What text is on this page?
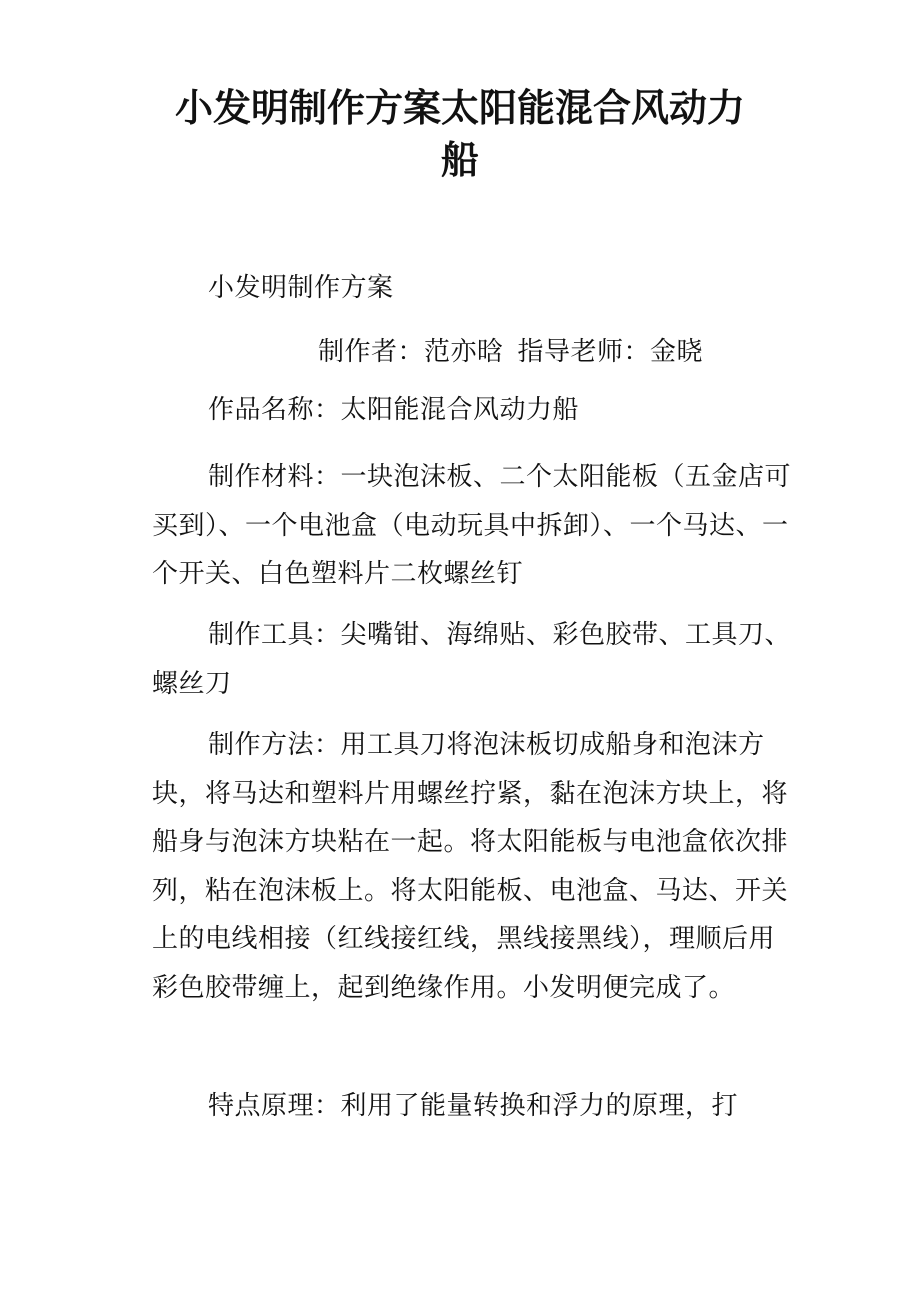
小发明制作方案太阳能混合风动力船

小发明制作方案

制作者：范亦晗 指导老师：金晓

作品名称：太阳能混合风动力船

制作材料：一块泡沫板、二个太阳能板（五金店可买到）、一个电池盒（电动玩具中拆卸）、一个马达、一个开关、白色塑料片二枚螺丝钉

制作工具：尖嘴钳、海绵贴、彩色胶带、工具刀、螺丝刀

制作方法：用工具刀将泡沫板切成船身和泡沫方块，将马达和塑料片用螺丝拧紧，黏在泡沫方块上，将船身与泡沫方块粘在一起。将太阳能板与电池盒依次排列，粘在泡沫板上。将太阳能板、电池盒、马达、开关上的电线相接（红线接红线，黑线接黑线），理顺后用彩色胶带缠上，起到绝缘作用。小发明便完成了。

特点原理：利用了能量转换和浮力的原理，打
